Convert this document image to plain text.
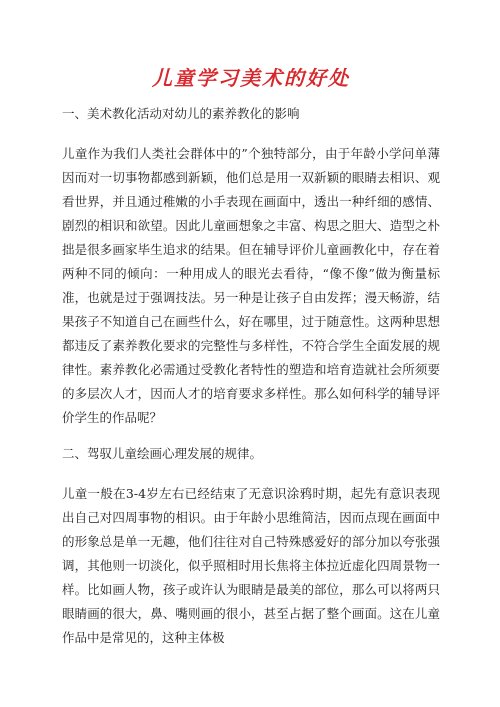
儿童学习美术的好处
一、美术教化活动对幼儿的素养教化的影响

儿童作为我们人类社会群体中的”个独特部分，由于年龄小学问单薄因而对一切事物都感到新颖，他们总是用一双新颖的眼睛去相识、观看世界，并且通过稚嫩的小手表现在画面中，透出一种纤细的感情、剧烈的相识和欲望。因此儿童画想象之丰富、构思之胆大、造型之朴拙是很多画家毕生追求的结果。但在辅导评价儿童画教化中，存在着两种不同的倾向：一种用成人的眼光去看待，“像不像”做为衡量标准，也就是过于强调技法。另一种是让孩子自由发挥；漫天畅游，结果孩子不知道自己在画些什么，好在哪里，过于随意性。这两种思想都违反了素养教化要求的完整性与多样性，不符合学生全面发展的规律性。素养教化必需通过受教化者特性的塑造和培育造就社会所须要的多层次人才，因而人才的培育要求多样性。那么如何科学的辅导评价学生的作品呢？

二、驾驭儿童绘画心理发展的规律。

儿童一般在3-4岁左右已经结束了无意识涂鸦时期，起先有意识表现出自己对四周事物的相识。由于年龄小思维简洁，因而点现在画面中的形象总是单一无趣，他们往往对自己特殊感爱好的部分加以夸张强调，其他则一切淡化，似乎照相时用长焦将主体拉近虚化四周景物一样。比如画人物，孩子或许认为眼睛是最美的部位，那么可以将两只眼睛画的很大，鼻、嘴则画的很小，甚至占据了整个画面。这在儿童作品中是常见的，这种主体极
